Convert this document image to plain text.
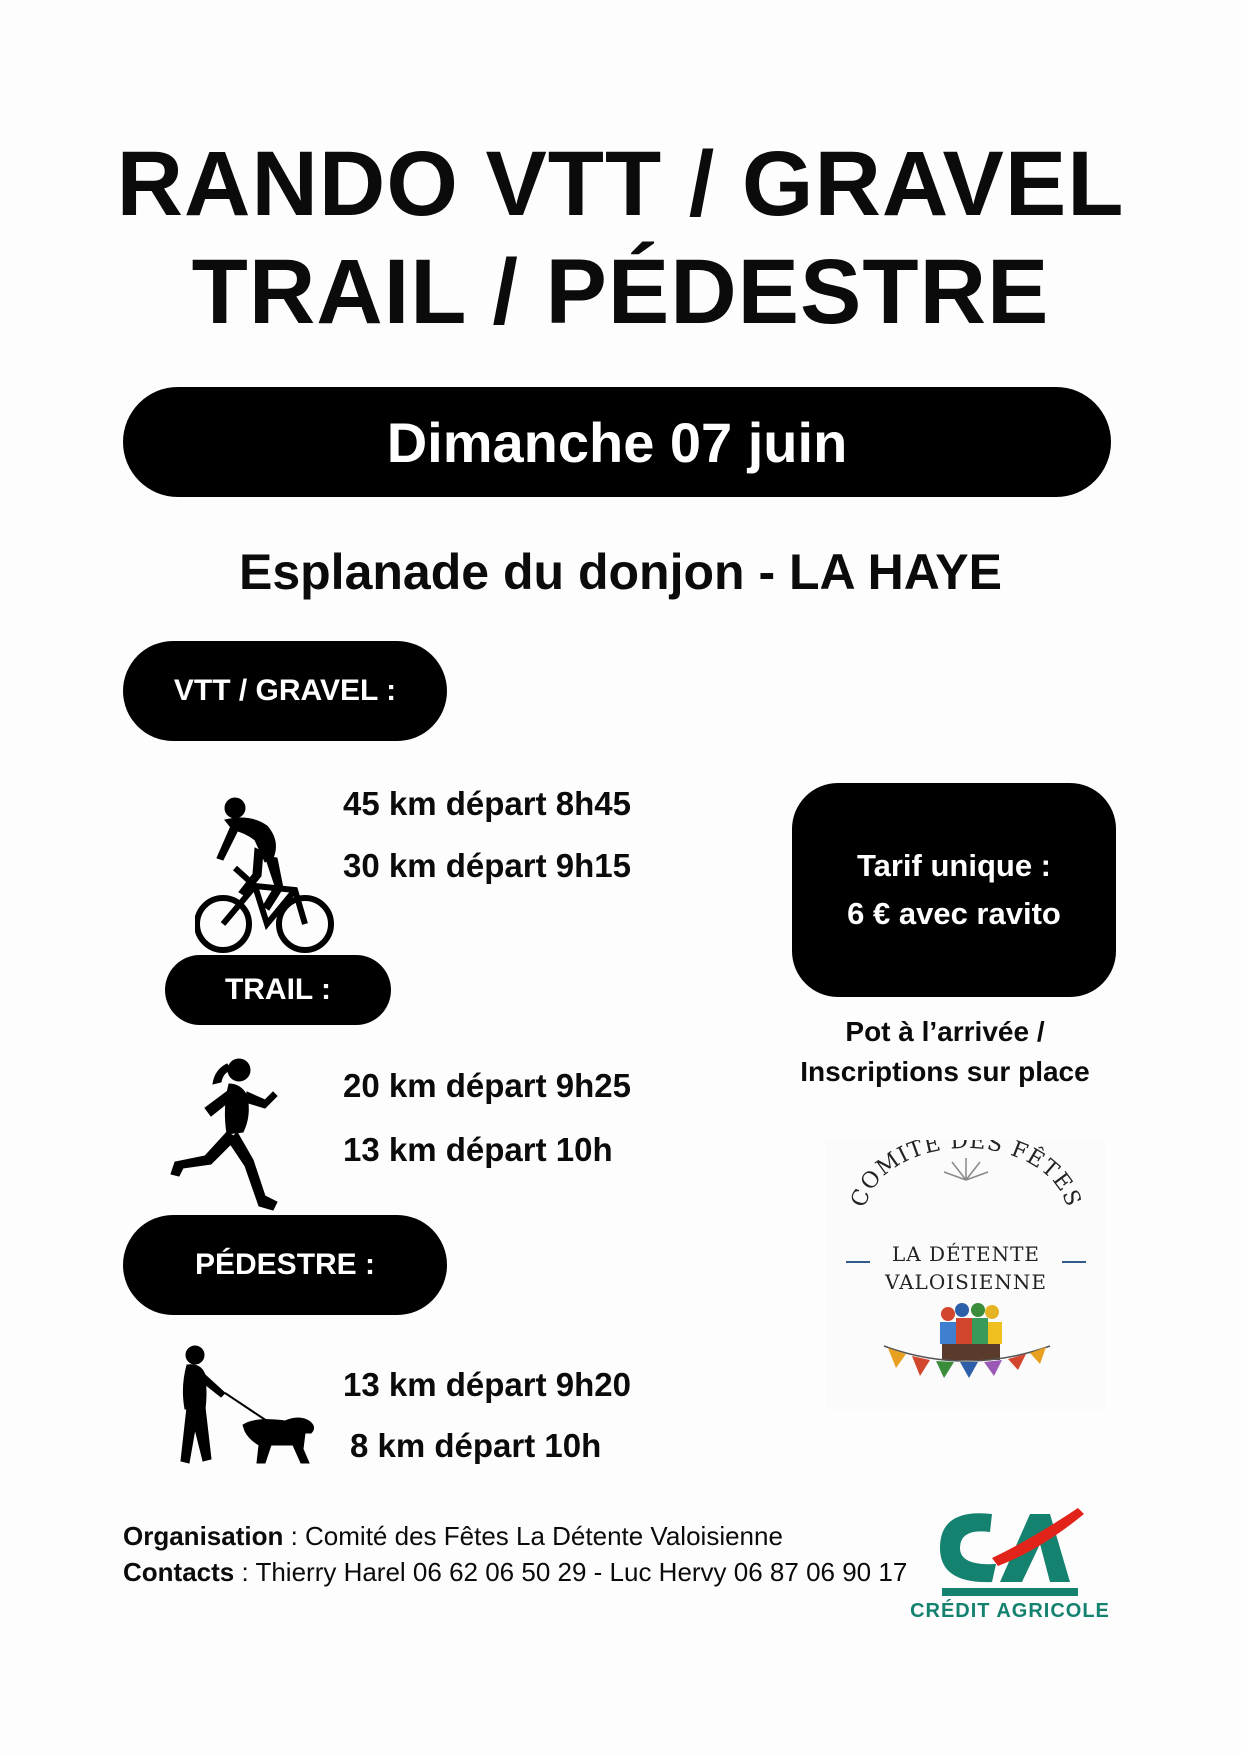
RANDO VTT / GRAVEL
TRAIL / PÉDESTRE
Dimanche 07 juin
Esplanade du donjon - LA HAYE
VTT / GRAVEL :
45 km départ 8h45
30 km départ 9h15
TRAIL :
20 km départ 9h25
13 km départ 10h
PÉDESTRE :
13 km départ 9h20
8 km départ 10h
Tarif unique :
6 € avec ravito
Pot à l’arrivée /
Inscriptions sur place
COMITÉ DES FÊTES
LA DÉTENTE
VALOISIENNE
Organisation : Comité des Fêtes La Détente Valoisienne
Contacts : Thierry Harel 06 62 06 50 29 - Luc Hervy 06 87 06 90 17
CRÉDIT AGRICOLE
